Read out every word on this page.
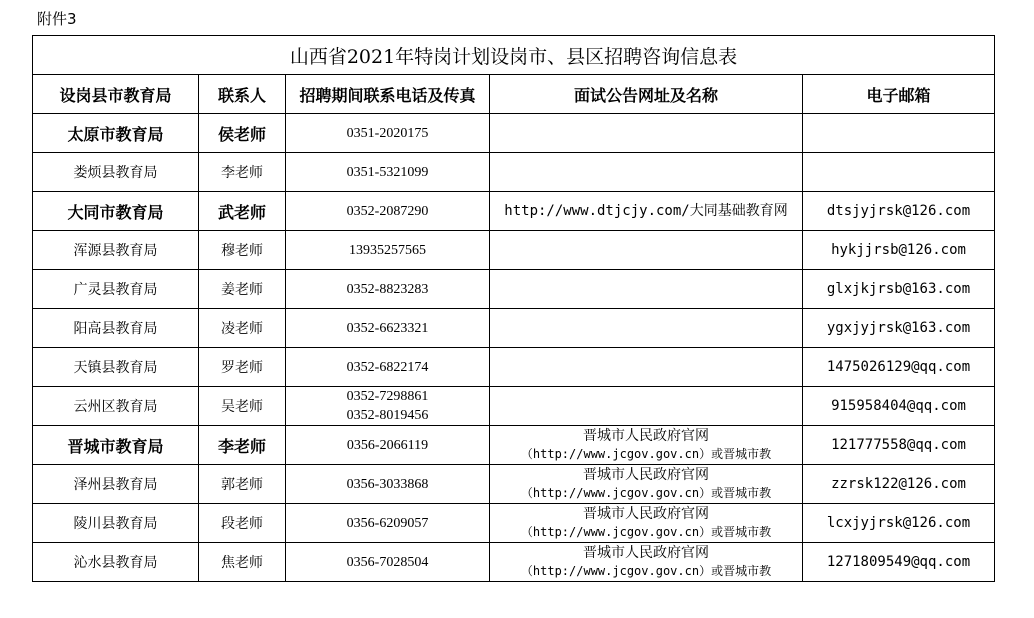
附件3
山西省2021年特岗计划设岗市、县区招聘咨询信息表				
设岗县市教育局	联系人	招聘期间联系电话及传真	面试公告网址及名称	电子邮箱
太原市教育局	侯老师	0351-2020175		

娄烦县教育局	李老师	0351-5321099		

大同市教育局	武老师	0352-2087290	http://www.dtjcjy.com/大同基础教育网	dtsjyjrsk@126.com
浑源县教育局	穆老师	13935257565		hykjjrsb@126.com
广灵县教育局	姜老师	0352-8823283		glxjkjrsb@163.com
阳高县教育局	凌老师	0352-6623321		ygxjyjrsk@163.com
天镇县教育局	罗老师	0352-6822174		1475026129@qq.com
云州区教育局	吴老师	0352-7298861
0352-8019456		915958404@qq.com
晋城市教育局	李老师	0356-2066119	晋城市人民政府官网
（http://www.jcgov.gov.cn）或晋城市教	121777558@qq.com
泽州县教育局	郭老师	0356-3033868	晋城市人民政府官网
（http://www.jcgov.gov.cn）或晋城市教	zzrsk122@126.com
陵川县教育局	段老师	0356-6209057	晋城市人民政府官网
（http://www.jcgov.gov.cn）或晋城市教	lcxjyjrsk@126.com
沁水县教育局	焦老师	0356-7028504	晋城市人民政府官网
（http://www.jcgov.gov.cn）或晋城市教	1271809549@qq.com
